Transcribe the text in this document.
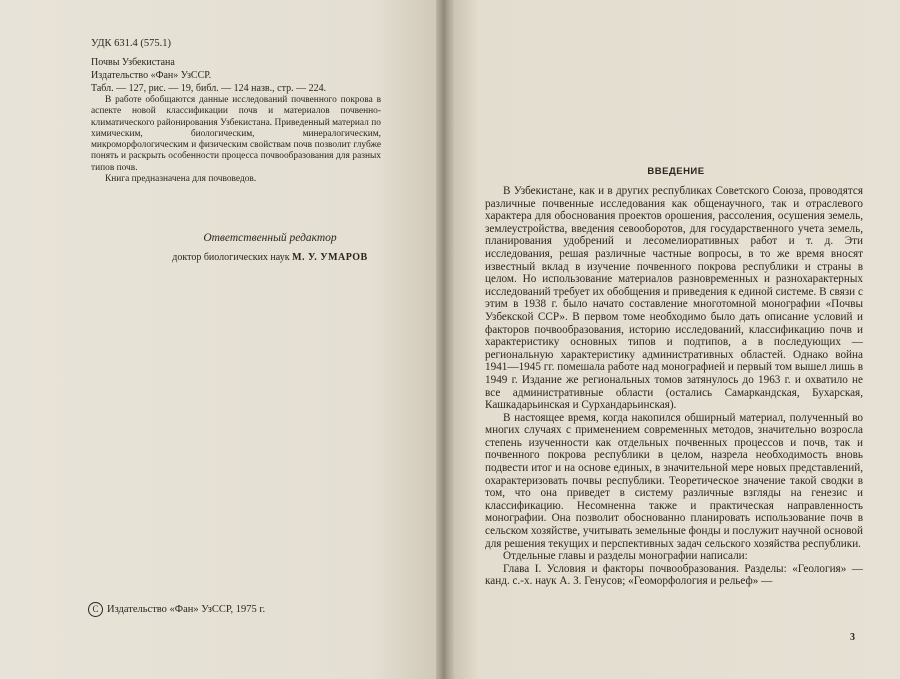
УДК 631.4 (575.1)
Почвы Узбекистана
Издательство «Фан» УзССР.
Табл. — 127, рис. — 19, библ. — 124 назв., стр. — 224.

В работе обобщаются данные исследований почвенного покрова в аспекте новой классификации почв и материалов почвенно-климатического районирования Узбекистана. Приведенный материал по химическим, биологическим, минералогическим, микроморфологическим и физическим свойствам почв позволит глубже понять и раскрыть особенности процесса почвообразования для разных типов почв.

Книга предназначена для почвоведов.

Ответственный редактор
доктор биологических наук М. У. УМАРОВ
C Издательство «Фан» УзССР, 1975 г.
ВВЕДЕНИЕ

В Узбекистане, как и в других республиках Советского Союза, проводятся различные почвенные исследования как общенаучного, так и отраслевого характера для обоснования проектов орошения, рассоления, осушения земель, землеустройства, введения севооборотов, для государственного учета земель, планирования удобрений и лесомелиоративных работ и т. д. Эти исследования, решая различные частные вопросы, в то же время вносят известный вклад в изучение почвенного покрова республики и страны в целом. Но использование материалов разновременных и разнохарактерных исследований требует их обобщения и приведения к единой системе. В связи с этим в 1938 г. было начато составление многотомной монографии «Почвы Узбекской ССР». В первом томе необходимо было дать описание условий и факторов почвообразования, историю исследований, классификацию почв и характеристику основных типов и подтипов, а в последующих — региональную характеристику административных областей. Однако война 1941—1945 гг. помешала работе над монографией и первый том вышел лишь в 1949 г. Издание же региональных томов затянулось до 1963 г. и охватило не все административные области (остались Самаркандская, Бухарская, Кашкадарьинская и Сурхандарьинская).

В настоящее время, когда накопился обширный материал, полученный во многих случаях с применением современных методов, значительно возросла степень изученности как отдельных почвенных процессов и почв, так и почвенного покрова республики в целом, назрела необходимость вновь подвести итог и на основе единых, в значительной мере новых представлений, охарактеризовать почвы республики. Теоретическое значение такой сводки в том, что она приведет в систему различные взгляды на генезис и классификацию. Несомненна также и практическая направленность монографии. Она позволит обоснованно планировать использование почв в сельском хозяйстве, учитывать земельные фонды и послужит научной основой для решения текущих и перспективных задач сельского хозяйства республики.

Отдельные главы и разделы монографии написали:

Глава I. Условия и факторы почвообразования. Разделы: «Геология» — канд. с.-х. наук А. З. Генусов; «Геоморфология и рельеф» —

3
